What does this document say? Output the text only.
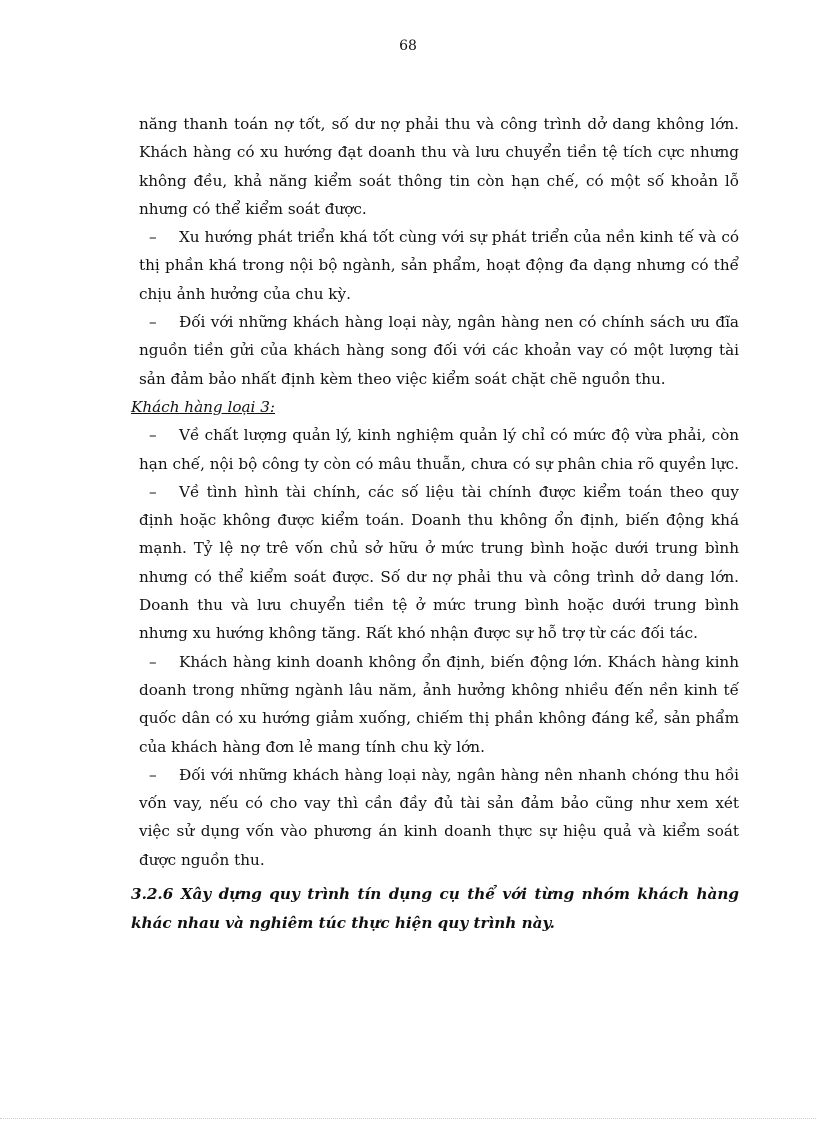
68

năng thanh toán nợ tốt, số dư nợ phải thu và công trình dở dang không lớn. Khách hàng có xu hướng đạt doanh thu và lưu chuyển tiền tệ tích cực nhưng không đều, khả năng kiểm soát thông tin còn hạn chế, có một số khoản lỗ nhưng có thể kiểm soát được.

– Xu hướng phát triển khá tốt cùng với sự phát triển của nền kinh tế và có thị phần khá trong nội bộ ngành, sản phẩm, hoạt động đa dạng nhưng có thể chịu ảnh hưởng của chu kỳ.

– Đối với những khách hàng loại này, ngân hàng nen có chính sách ưu đĩa nguồn tiền gửi của khách hàng song đối với các khoản vay có một lượng tài sản đảm bảo nhất định kèm theo việc kiểm soát chặt chẽ nguồn thu.

Khách hàng loại 3:

– Về chất lượng quản lý, kinh nghiệm quản lý chỉ có mức độ vừa phải, còn hạn chế, nội bộ công ty còn có mâu thuẫn, chưa có sự phân chia rõ quyền lực.

– Về tình hình tài chính, các số liệu tài chính được kiểm toán theo quy định hoặc không được kiểm toán. Doanh thu không ổn định, biến động khá mạnh. Tỷ lệ nợ trê vốn chủ sở hữu ở mức trung bình hoặc dưới trung bình nhưng có thể kiểm soát được. Số dư nợ phải thu và công trình dở dang lớn. Doanh thu và lưu chuyển tiền tệ ở mức trung bình hoặc dưới trung bình nhưng xu hướng không tăng. Rất khó nhận được sự hỗ trợ từ các đối tác.

– Khách hàng kinh doanh không ổn định, biến động lớn. Khách hàng kinh doanh trong những ngành lâu năm, ảnh hưởng không nhiều đến nền kinh tế quốc dân có xu hướng giảm xuống, chiếm thị phần không đáng kể, sản phẩm của khách hàng đơn lẻ mang tính chu kỳ lớn.

– Đối với những khách hàng loại này, ngân hàng nên nhanh chóng thu hồi vốn vay, nếu có cho vay thì cần đầy đủ tài sản đảm bảo cũng như xem xét việc sử dụng vốn vào phương án kinh doanh thực sự hiệu quả và kiểm soát được nguồn thu.

3.2.6 Xây dựng quy trình tín dụng cụ thể với từng nhóm khách hàng khác nhau và nghiêm túc thực hiện quy trình này.
